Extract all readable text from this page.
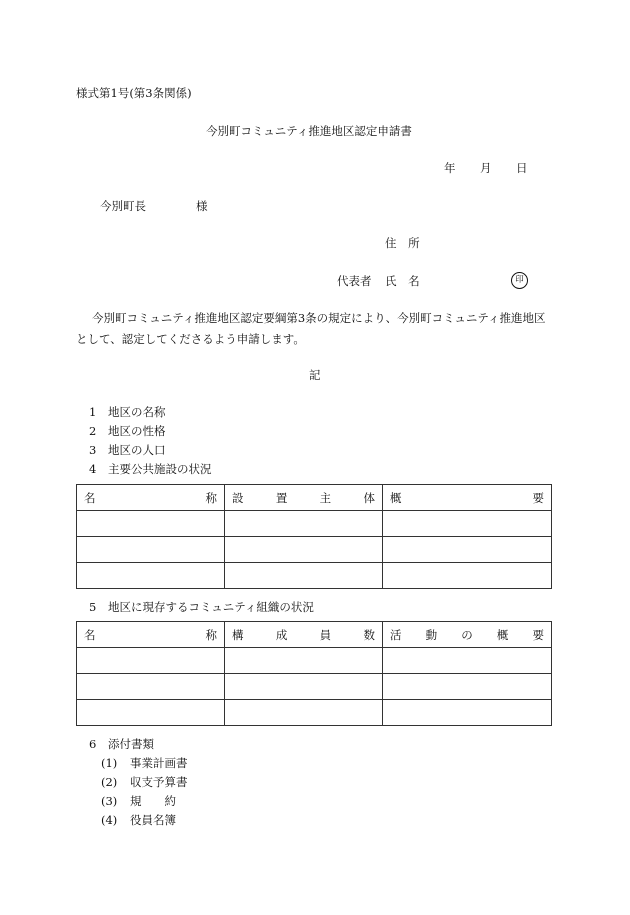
様式第1号(第3条関係)
今別町コミュニティ推進地区認定申請書
年 月 日
今別町長	様
住 所
代表者 氏 名	印
今別町コミュニティ推進地区認定要綱第3条の規定により、今別町コミュニティ推進地区として、認定してくださるよう申請します。
記
1 地区の名称
2 地区の性格
3 地区の人口
4 主要公共施設の状況
名 称	設 置 主 体	概 要

5 地区に現存するコミュニティ組織の状況
名 称	構 成 員 数	活 動 の 概 要

6 添付書類
(1) 事業計画書
(2) 収支予算書
(3) 規　　約
(4) 役員名簿
